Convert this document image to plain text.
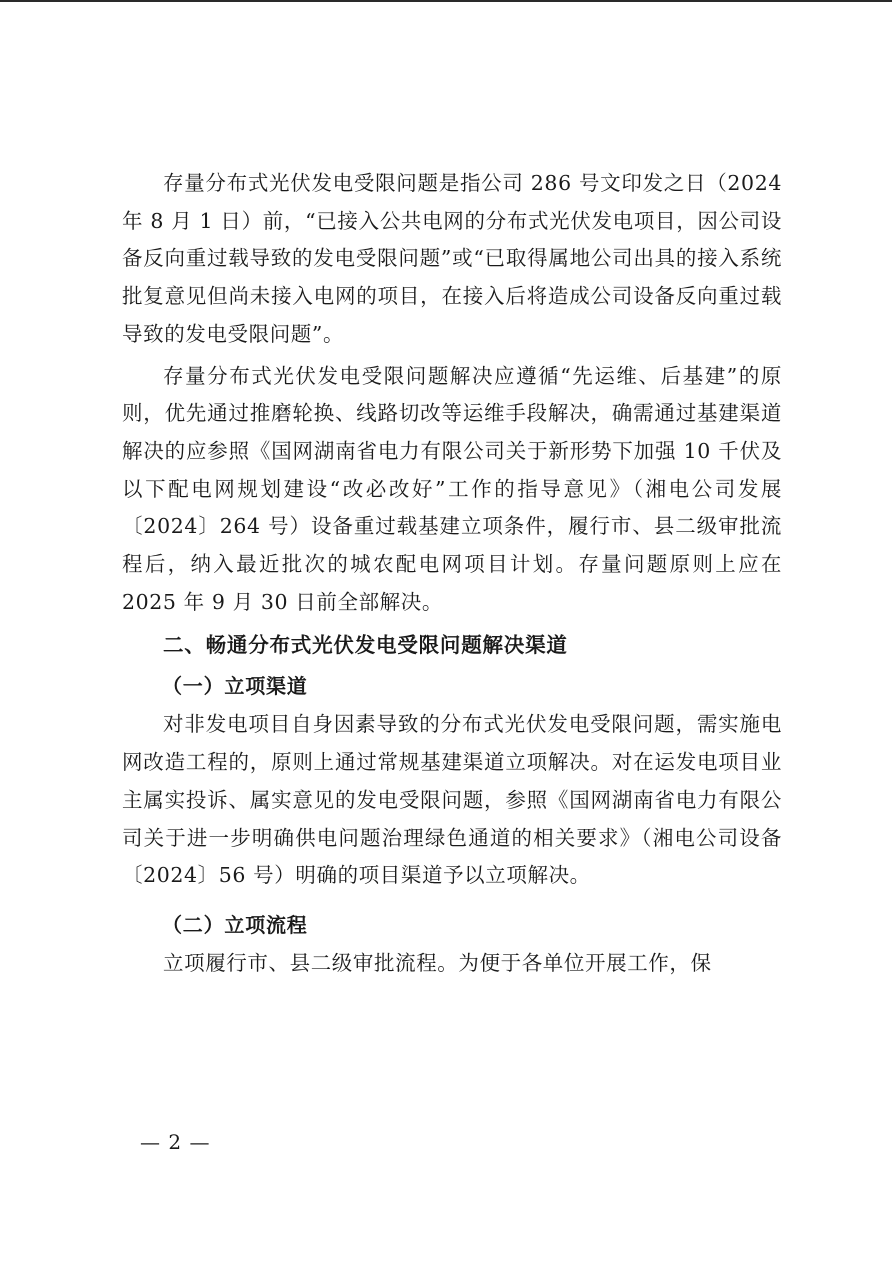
存量分布式光伏发电受限问题是指公司 286 号文印发之日（2024 年 8 月 1 日）前，“已接入公共电网的分布式光伏发电项目，因公司设备反向重过载导致的发电受限问题”或“已取得属地公司出具的接入系统批复意见但尚未接入电网的项目，在接入后将造成公司设备反向重过载导致的发电受限问题”。

存量分布式光伏发电受限问题解决应遵循“先运维、后基建”的原则，优先通过推磨轮换、线路切改等运维手段解决，确需通过基建渠道解决的应参照《国网湖南省电力有限公司关于新形势下加强 10 千伏及以下配电网规划建设“改必改好”工作的指导意见》（湘电公司发展〔2024〕264 号）设备重过载基建立项条件，履行市、县二级审批流程后，纳入最近批次的城农配电网项目计划。存量问题原则上应在 2025 年 9 月 30 日前全部解决。

二、畅通分布式光伏发电受限问题解决渠道
（一）立项渠道

对非发电项目自身因素导致的分布式光伏发电受限问题，需实施电网改造工程的，原则上通过常规基建渠道立项解决。对在运发电项目业主属实投诉、属实意见的发电受限问题，参照《国网湖南省电力有限公司关于进一步明确供电问题治理绿色通道的相关要求》（湘电公司设备〔2024〕56 号）明确的项目渠道予以立项解决。

（二）立项流程

立项履行市、县二级审批流程。为便于各单位开展工作，保

— 2 —
